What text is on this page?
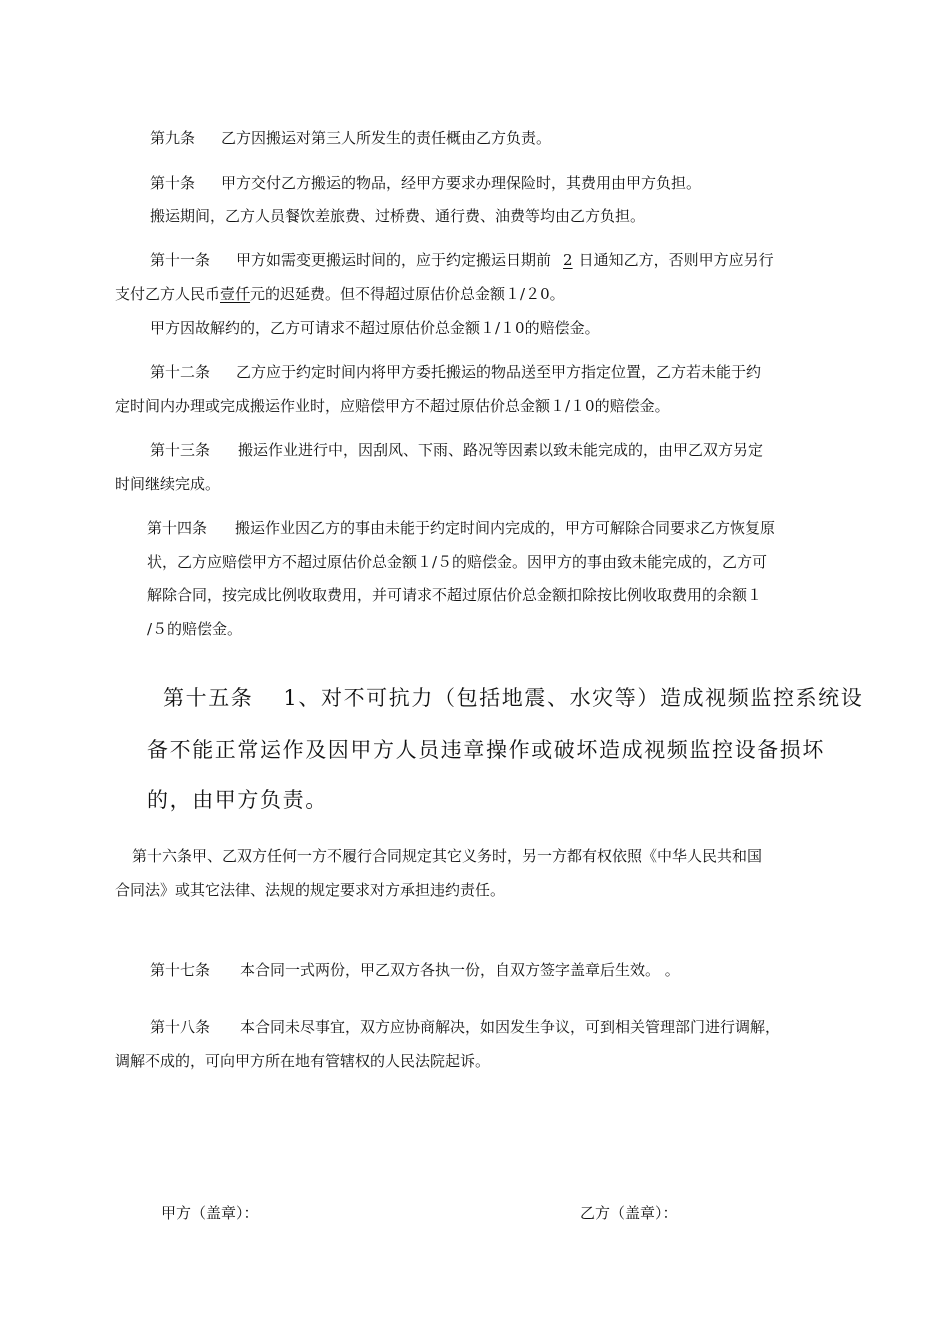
第九条 乙方因搬运对第三人所发生的责任概由乙方负责。
第十条 甲方交付乙方搬运的物品，经甲方要求办理保险时，其费用由甲方负担。
搬运期间，乙方人员餐饮差旅费、过桥费、通行费、油费等均由乙方负担。
第十一条 甲方如需变更搬运时间的，应于约定搬运日期前 2 日通知乙方，否则甲方应另行
支付乙方人民币壹仟元的迟延费。但不得超过原估价总金额１/２0。
甲方因故解约的，乙方可请求不超过原估价总金额１/１0的赔偿金。
第十二条 乙方应于约定时间内将甲方委托搬运的物品送至甲方指定位置，乙方若未能于约
定时间内办理或完成搬运作业时，应赔偿甲方不超过原估价总金额１/１0的赔偿金。
第十三条 搬运作业进行中，因刮风、下雨、路况等因素以致未能完成的，由甲乙双方另定
时间继续完成。
第十四条 搬运作业因乙方的事由未能于约定时间内完成的，甲方可解除合同要求乙方恢复原
状，乙方应赔偿甲方不超过原估价总金额１/５的赔偿金。因甲方的事由致未能完成的，乙方可
解除合同，按完成比例收取费用，并可请求不超过原估价总金额扣除按比例收取费用的余额１
/５的赔偿金。
第十五条 1、对不可抗力（包括地震、水灾等）造成视频监控系统设
备不能正常运作及因甲方人员违章操作或破坏造成视频监控设备损坏
的，由甲方负责。
第十六条甲、乙双方任何一方不履行合同规定其它义务时，另一方都有权依照《中华人民共和国
合同法》或其它法律、法规的规定要求对方承担违约责任。
第十七条 本合同一式两份，甲乙双方各执一份，自双方签字盖章后生效。 。
第十八条 本合同未尽事宜，双方应协商解决，如因发生争议，可到相关管理部门进行调解，
调解不成的，可向甲方所在地有管辖权的人民法院起诉。
甲方（盖章）：	乙方（盖章）：
